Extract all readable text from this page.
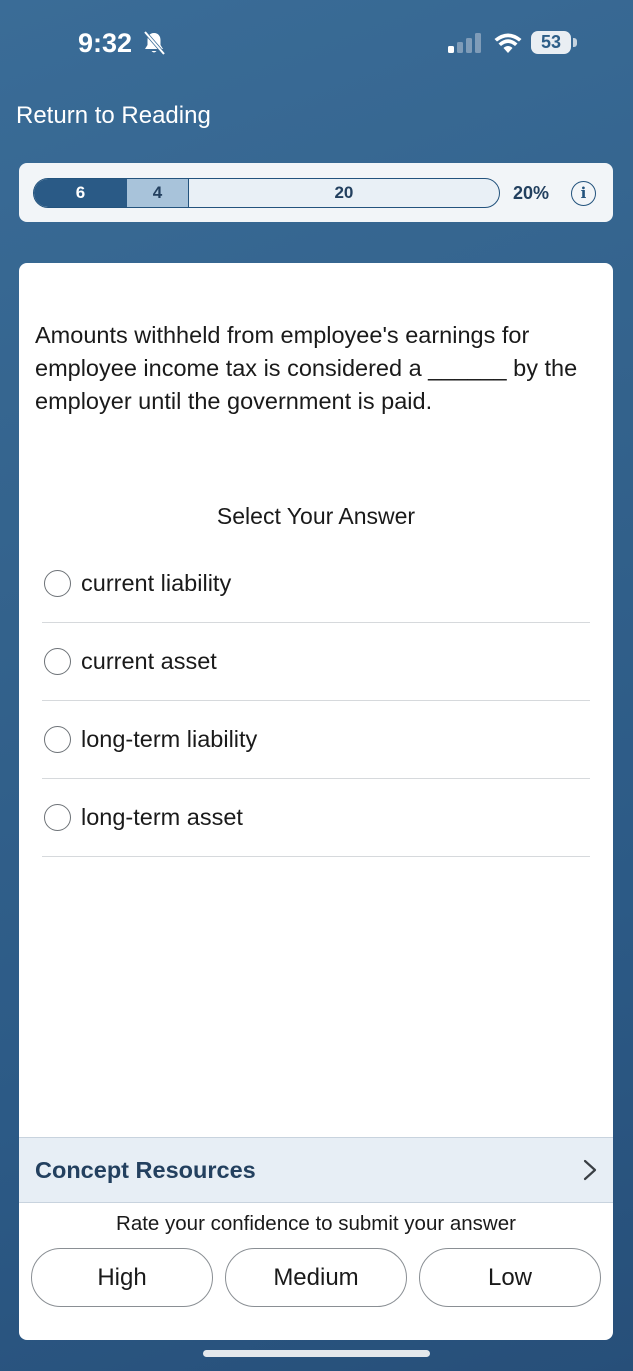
9:32	53
Return to Reading
6	4	20	20%	i

Amounts withheld from employee's earnings for employee income tax is considered a ______ by the employer until the government is paid.

Select Your Answer
current liability
current asset
long-term liability
long-term asset
Concept Resources
Rate your confidence to submit your answer
High	Medium	Low
